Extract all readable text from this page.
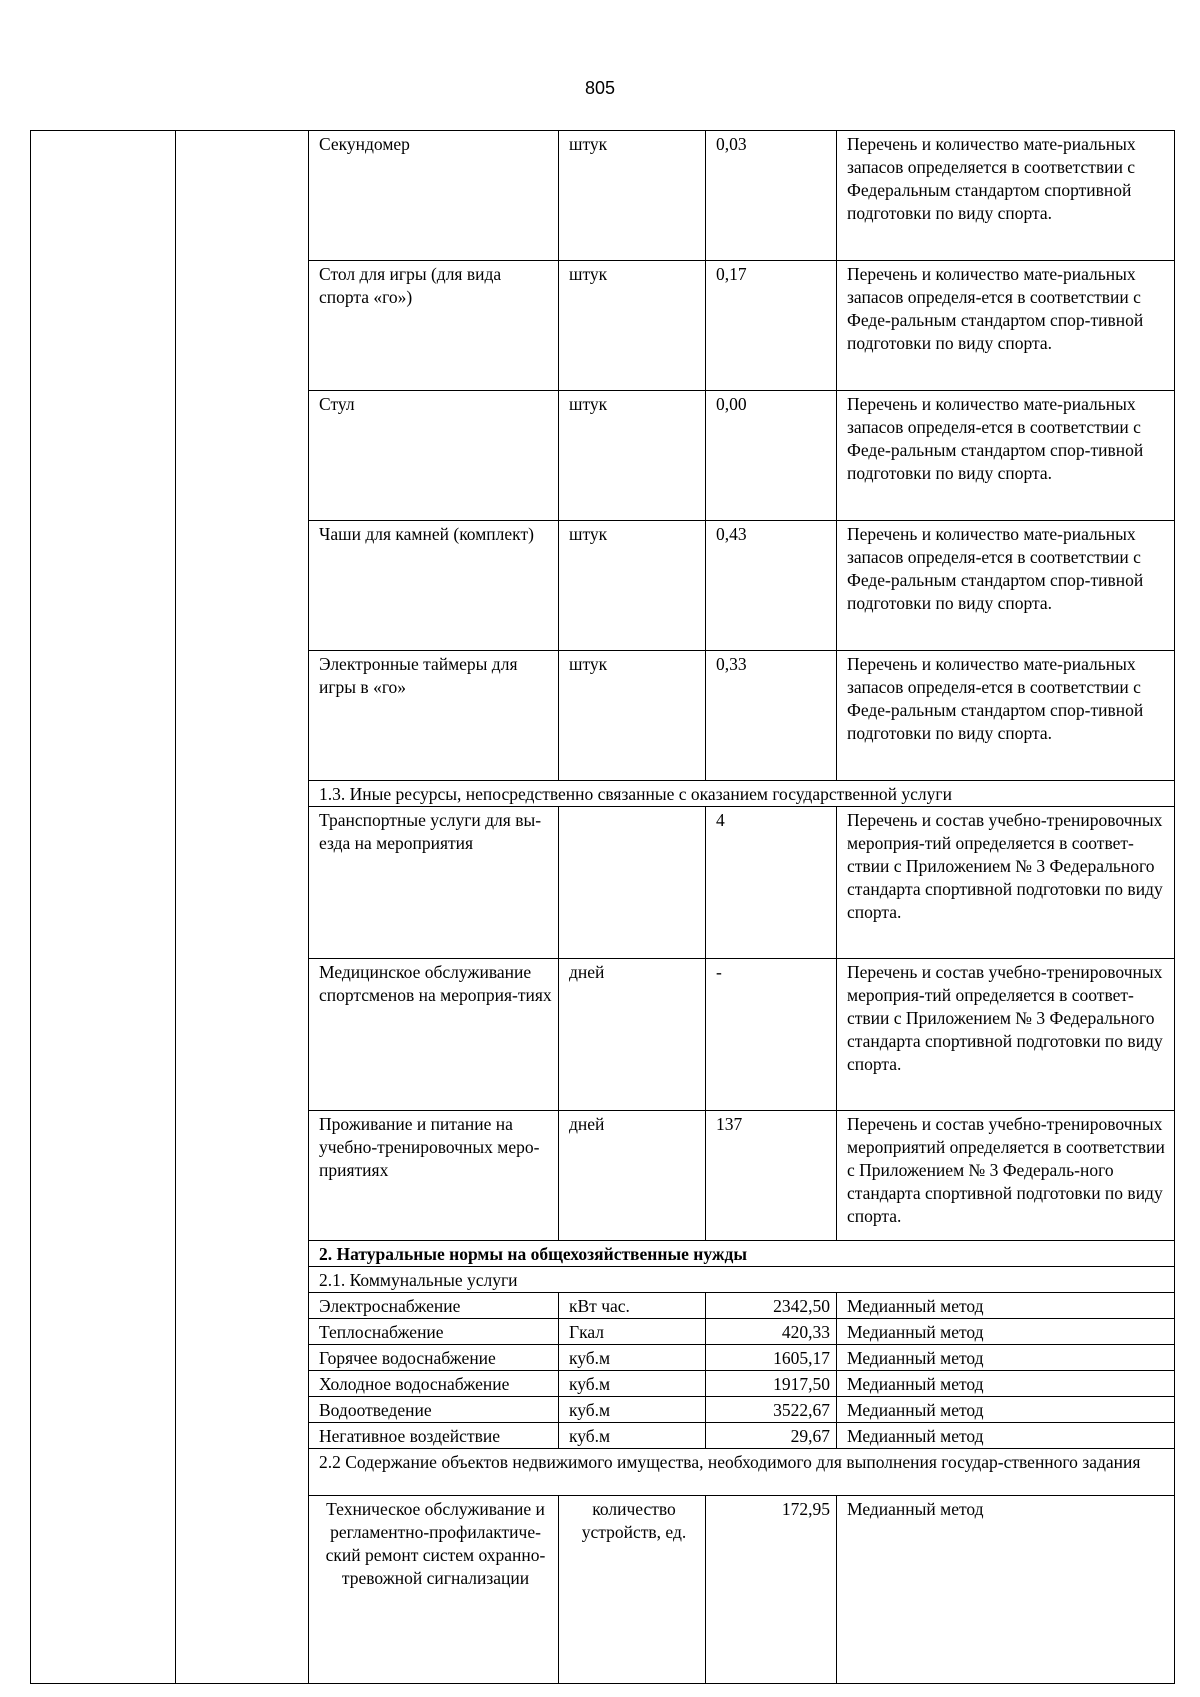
805
		Секундомер	штук	0,03	Перечень и количество мате-риальных запасов определяется в соответствии с Федеральным стандартом спортивной подготовки по виду спорта.
		Стол для игры (для вида спорта «го»)	штук	0,17	Перечень и количество мате-риальных запасов определя-ется в соответствии с Феде-ральным стандартом спор-тивной подготовки по виду спорта.
		Стул	штук	0,00	Перечень и количество мате-риальных запасов определя-ется в соответствии с Феде-ральным стандартом спор-тивной подготовки по виду спорта.
		Чаши для камней (комплект)	штук	0,43	Перечень и количество мате-риальных запасов определя-ется в соответствии с Феде-ральным стандартом спор-тивной подготовки по виду спорта.
		Электронные таймеры для игры в «го»	штук	0,33	Перечень и количество мате-риальных запасов определя-ется в соответствии с Феде-ральным стандартом спор-тивной подготовки по виду спорта.
		1.3. Иные ресурсы, непосредственно связанные с оказанием государственной услуги			
		Транспортные услуги для вы-езда на мероприятия		4	Перечень и состав учебно-тренировочных мероприя-тий определяется в соответ-ствии с Приложением № 3 Федерального стандарта спортивной подготовки по виду спорта.
		Медицинское обслуживание спортсменов на мероприя-тиях	дней	-	Перечень и состав учебно-тренировочных мероприя-тий определяется в соответ-ствии с Приложением № 3 Федерального стандарта спортивной подготовки по виду спорта.
		Проживание и питание на учебно-тренировочных меро-приятиях	дней	137	Перечень и состав учебно-тренировочных мероприятий определяется в соответствии с Приложением № 3 Федераль-ного стандарта спортивной подготовки по виду спорта.
		2. Натуральные нормы на общехозяйственные нужды			
		2.1. Коммунальные услуги			
		Электроснабжение	кВт час.	2342,50	Медианный метод
		Теплоснабжение	Гкал	420,33	Медианный метод
		Горячее водоснабжение	куб.м	1605,17	Медианный метод
		Холодное водоснабжение	куб.м	1917,50	Медианный метод
		Водоотведение	куб.м	3522,67	Медианный метод
		Негативное воздействие	куб.м	29,67	Медианный метод
		2.2 Содержание объектов недвижимого имущества, необходимого для выполнения государ-ственного задания			
		Техническое обслуживание и регламентно-профилактиче-ский ремонт систем охранно-тревожной сигнализации	количество устройств, ед.	172,95	Медианный метод
